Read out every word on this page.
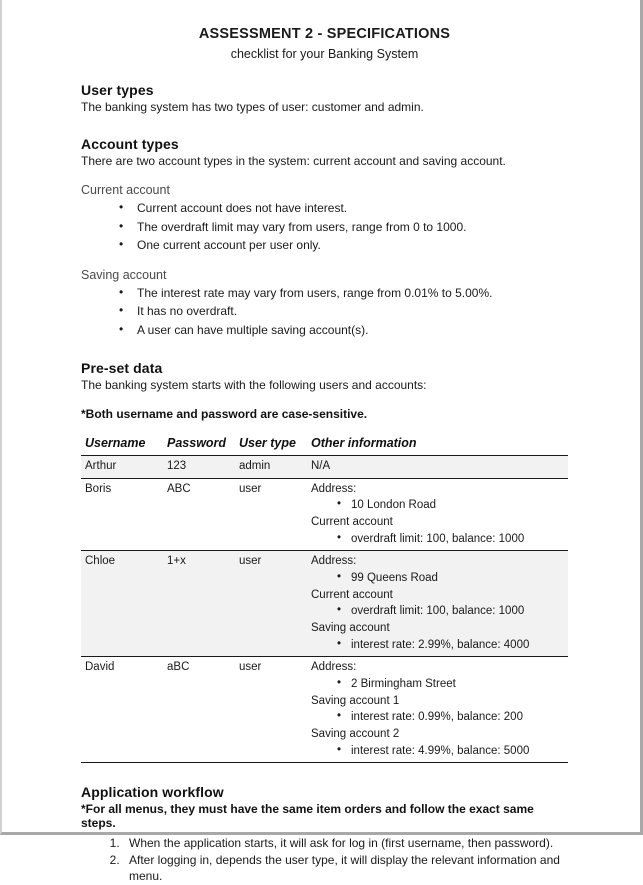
ASSESSMENT 2 - SPECIFICATIONS
checklist for your Banking System
User types

The banking system has two types of user: customer and admin.

Account types

There are two account types in the system: current account and saving account.

Current account
• Current account does not have interest.
• The overdraft limit may vary from users, range from 0 to 1000.
• One current account per user only.
Saving account
• The interest rate may vary from users, range from 0.01% to 5.00%.
• It has no overdraft.
• A user can have multiple saving account(s).
Pre-set data

The banking system starts with the following users and accounts:

*Both username and password are case-sensitive.

Username	Password	User type	Other information
Arthur	123	admin	N/A

Boris	ABC	user	Address:
• 10 London Road
Current account
• overdraft limit: 100, balance: 1000

Chloe	1+x	user	Address:
• 99 Queens Road
Current account
• overdraft limit: 100, balance: 1000
Saving account
• interest rate: 2.99%, balance: 4000

David	aBC	user	Address:
• 2 Birmingham Street
Saving account 1
• interest rate: 0.99%, balance: 200
Saving account 2
• interest rate: 4.99%, balance: 5000
Application workflow

*For all menus, they must have the same item orders and follow the exact same steps.

1. When the application starts, it will ask for log in (first username, then password).
2. After logging in, depends the user type, it will display the relevant information and menu.
